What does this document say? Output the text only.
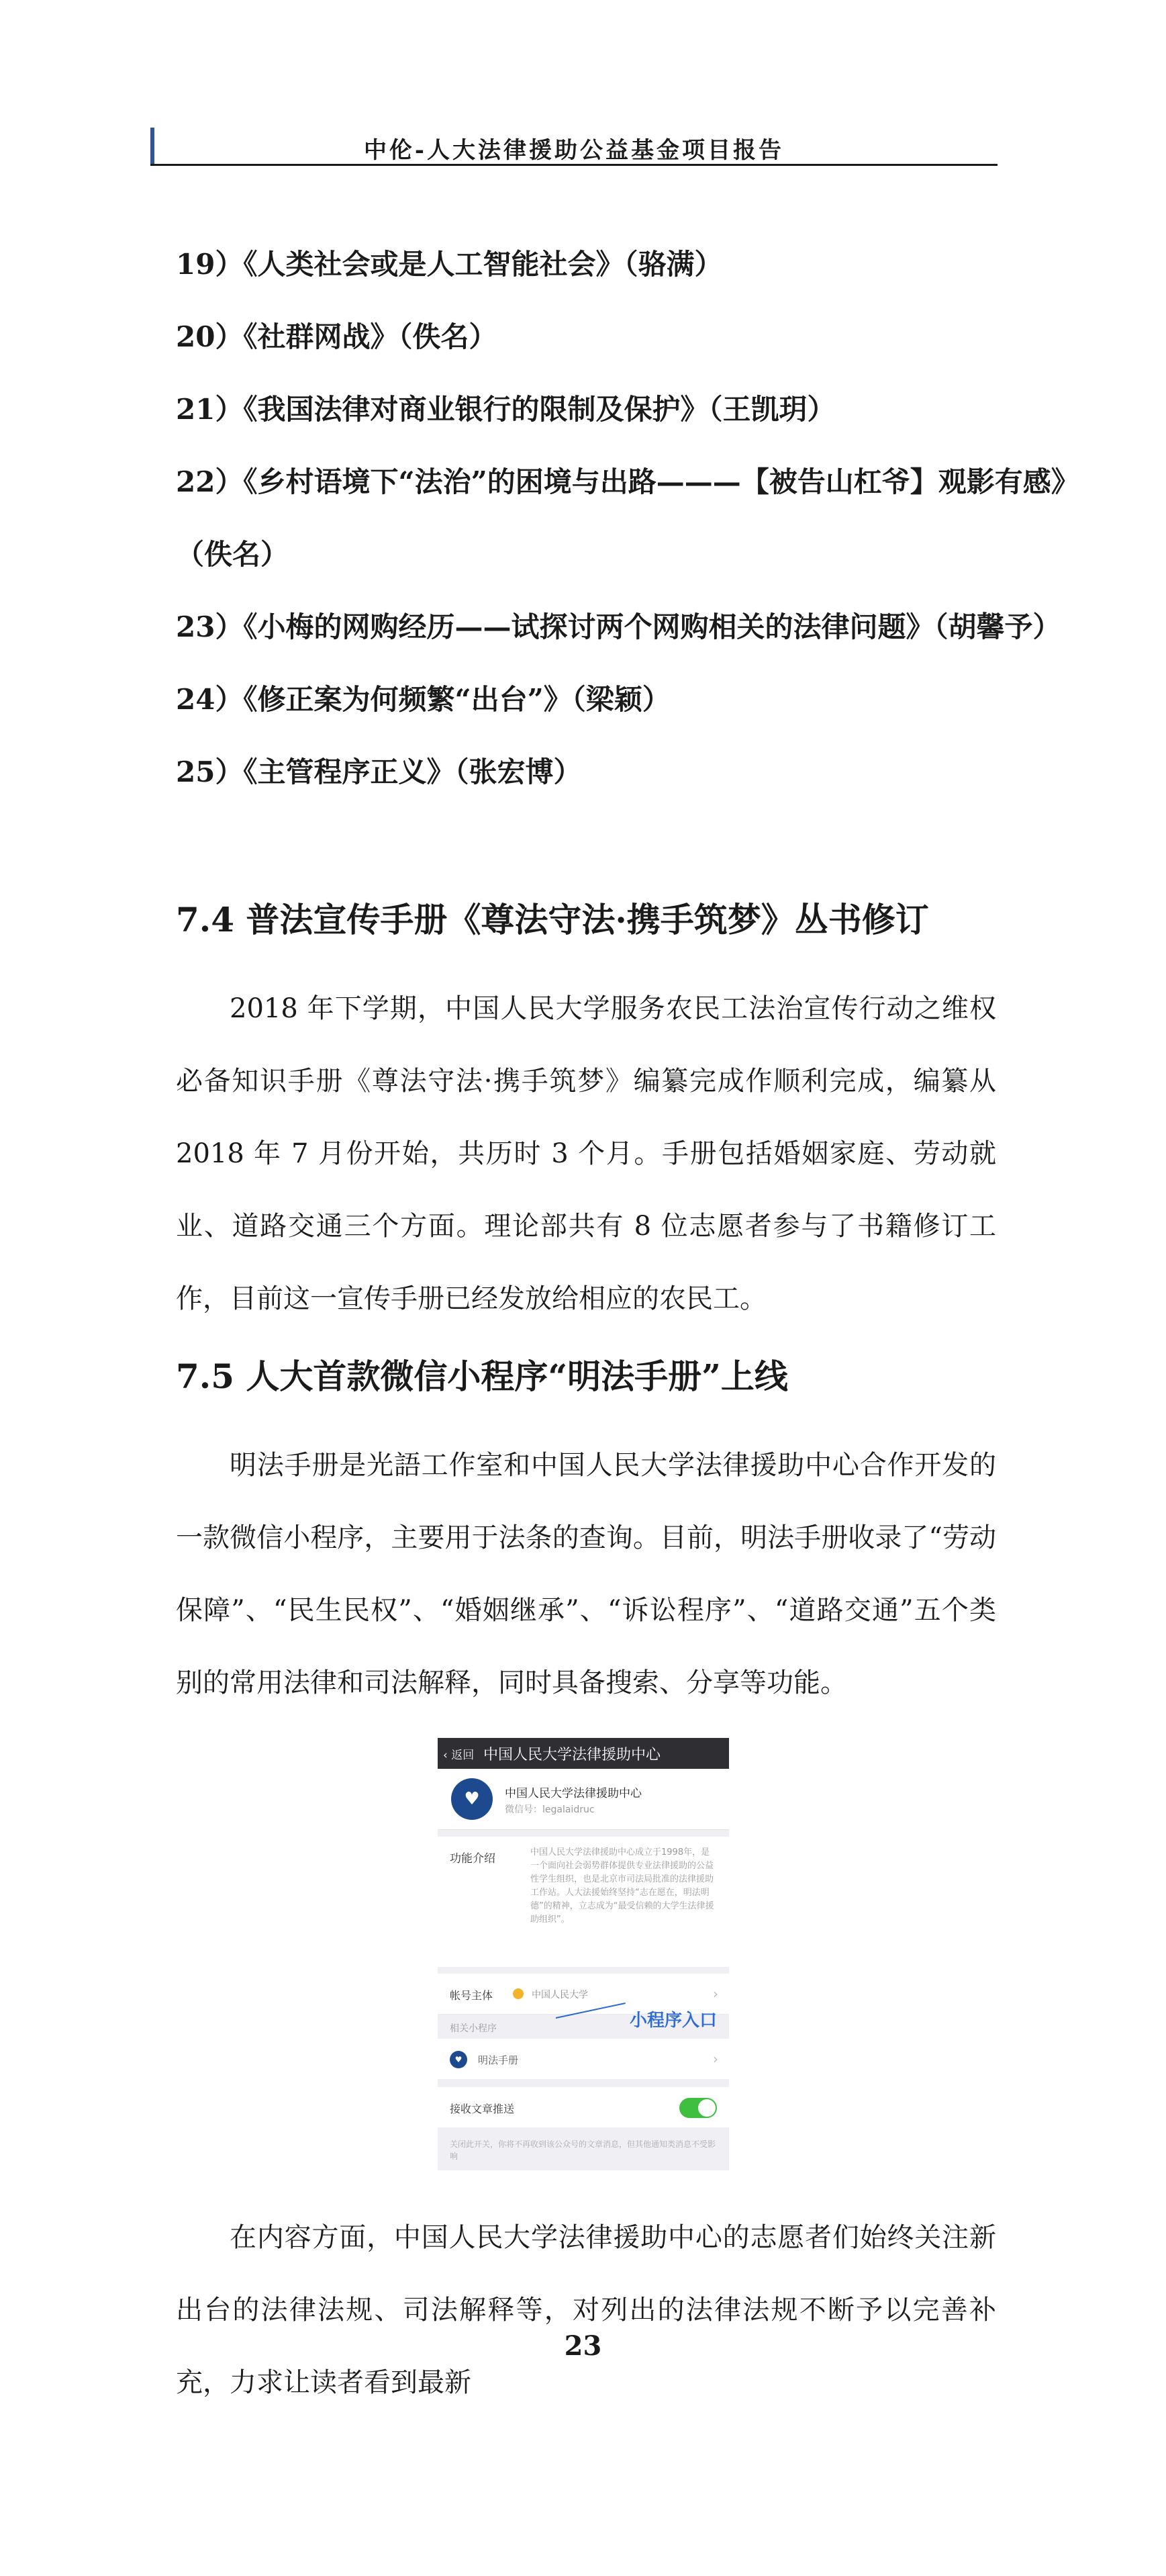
中伦-人大法律援助公益基金项目报告
19）《人类社会或是人工智能社会》（骆满）
20）《社群网战》（佚名）
21）《我国法律对商业银行的限制及保护》（王凯玥）
22）《乡村语境下“法治”的困境与出路———【被告山杠爷】观影有感》
（佚名）
23）《小梅的网购经历——试探讨两个网购相关的法律问题》（胡馨予）
24）《修正案为何频繁“出台”》（梁颖）
25）《主管程序正义》（张宏博）
7.4 普法宣传手册《尊法守法·携手筑梦》丛书修订

2018 年下学期，中国人民大学服务农民工法治宣传行动之维权必备知识手册《尊法守法·携手筑梦》编纂完成作顺利完成，编纂从 2018 年 7 月份开始，共历时 3 个月。手册包括婚姻家庭、劳动就业、道路交通三个方面。理论部共有 8 位志愿者参与了书籍修订工作，目前这一宣传手册已经发放给相应的农民工。

7.5 人大首款微信小程序“明法手册”上线

明法手册是光語工作室和中国人民大学法律援助中心合作开发的一款微信小程序，主要用于法条的查询。目前，明法手册收录了“劳动保障”、“民生民权”、“婚姻继承”、“诉讼程序”、“道路交通”五个类别的常用法律和司法解释，同时具备搜索、分享等功能。

‹ 返回 中国人民大学法律援助中心
♥	中国人民大学法律援助中心
微信号：legalaidruc
功能介绍	中国人民大学法律援助中心成立于1998年，是一个面向社会弱势群体提供专业法律援助的公益性学生组织，也是北京市司法局批准的法律援助工作站。人大法援始终坚持“志在愿在，明法明德”的精神，立志成为“最受信赖的大学生法律援助组织”。
帐号主体	中国人民大学	›
相关小程序
♥	明法手册	›
小程序入口
接收文章推送
关闭此开关，你将不再收到该公众号的文章消息，但其他通知类消息不受影响

在内容方面，中国人民大学法律援助中心的志愿者们始终关注新出台的法律法规、司法解释等，对列出的法律法规不断予以完善补充，力求让读者看到最新

23
